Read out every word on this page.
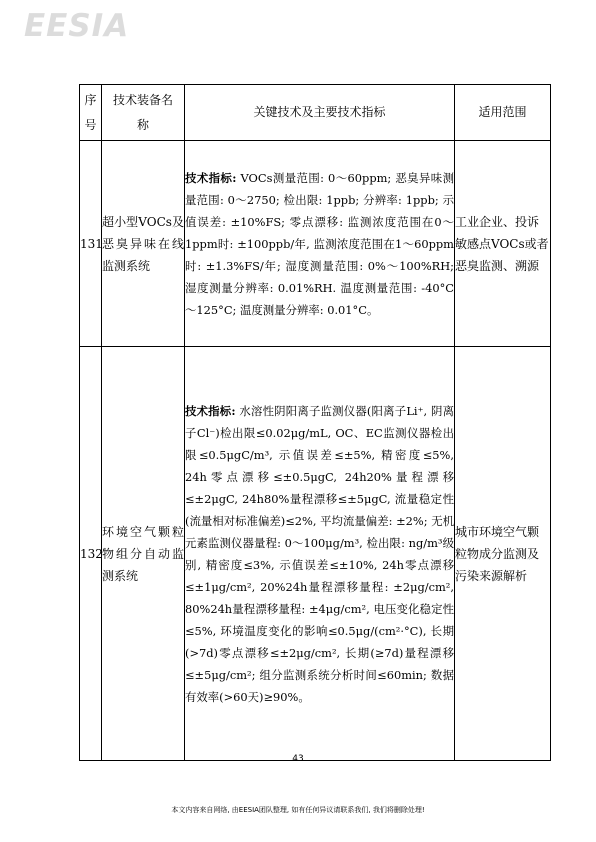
EESIA
序号	技术装备名称	关键技术及主要技术指标	适用范围
131	超小型VOCs及恶臭异味在线监测系统	技术指标: VOCs测量范围: 0～60ppm; 恶臭异味测量范围: 0～2750; 检出限: 1ppb; 分辨率: 1ppb; 示值误差: ±10%FS; 零点漂移: 监测浓度范围在0～1ppm时: ±100ppb/年, 监测浓度范围在1～60ppm时: ±1.3%FS/年; 湿度测量范围: 0%～100%RH; 湿度测量分辨率: 0.01%RH. 温度测量范围: -40°C～125°C; 温度测量分辨率: 0.01°C。	工业企业、投诉敏感点VOCs或者恶臭监测、溯源
132	环境空气颗粒物组分自动监测系统	技术指标: 水溶性阴阳离子监测仪器(阳离子Li⁺, 阴离子Cl⁻)检出限≤0.02μg/mL, OC、EC监测仪器检出限≤0.5μgC/m³, 示值误差≤±5%, 精密度≤5%, 24h零点漂移≤±0.5μgC, 24h20%量程漂移≤±2μgC, 24h80%量程漂移≤±5μgC, 流量稳定性(流量相对标准偏差)≤2%, 平均流量偏差: ±2%; 无机元素监测仪器量程: 0～100μg/m³, 检出限: ng/m³级别, 精密度≤3%, 示值误差≤±10%, 24h零点漂移≤±1μg/cm², 20%24h量程漂移量程: ±2μg/cm², 80%24h量程漂移量程: ±4μg/cm², 电压变化稳定性≤5%, 环境温度变化的影响≤0.5μg/(cm²·°C), 长期(>7d)零点漂移≤±2μg/cm², 长期(≥7d)量程漂移≤±5μg/cm²; 组分监测系统分析时间≤60min; 数据有效率(>60天)≥90%。	城市环境空气颗粒物成分监测及污染来源解析
43
本文内容来自网络, 由EESIA团队整理, 如有任何异议请联系我们, 我们将删除处理!
